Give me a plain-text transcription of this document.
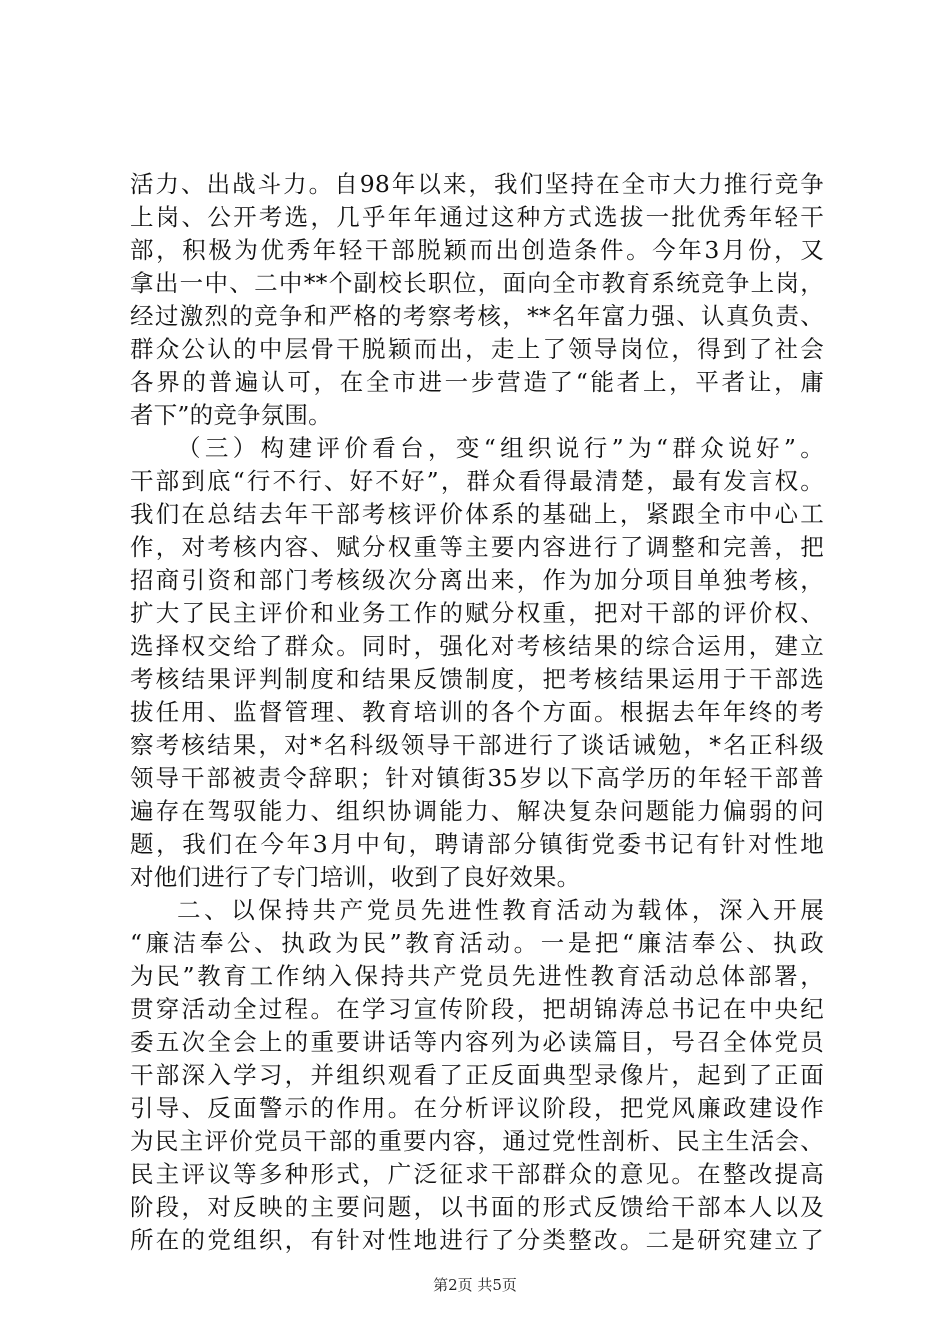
活力、出战斗力。自98年以来，我们坚持在全市大力推行竞争
上岗、公开考选，几乎年年通过这种方式选拔一批优秀年轻干
部，积极为优秀年轻干部脱颖而出创造条件。今年3月份，又
拿出一中、二中**个副校长职位，面向全市教育系统竞争上岗，
经过激烈的竞争和严格的考察考核，**名年富力强、认真负责、
群众公认的中层骨干脱颖而出，走上了领导岗位，得到了社会
各界的普遍认可，在全市进一步营造了“能者上，平者让，庸
者下”的竞争氛围。
（三）构建评价看台，变“组织说行”为“群众说好”。
干部到底“行不行、好不好”，群众看得最清楚，最有发言权。
我们在总结去年干部考核评价体系的基础上，紧跟全市中心工
作，对考核内容、赋分权重等主要内容进行了调整和完善，把
招商引资和部门考核级次分离出来，作为加分项目单独考核，
扩大了民主评价和业务工作的赋分权重，把对干部的评价权、
选择权交给了群众。同时，强化对考核结果的综合运用，建立
考核结果评判制度和结果反馈制度，把考核结果运用于干部选
拔任用、监督管理、教育培训的各个方面。根据去年年终的考
察考核结果，对*名科级领导干部进行了谈话诫勉，*名正科级
领导干部被责令辞职；针对镇街35岁以下高学历的年轻干部普
遍存在驾驭能力、组织协调能力、解决复杂问题能力偏弱的问
题，我们在今年3月中旬，聘请部分镇街党委书记有针对性地
对他们进行了专门培训，收到了良好效果。
二、以保持共产党员先进性教育活动为载体，深入开展
“廉洁奉公、执政为民”教育活动。一是把“廉洁奉公、执政
为民”教育工作纳入保持共产党员先进性教育活动总体部署，
贯穿活动全过程。在学习宣传阶段，把胡锦涛总书记在中央纪
委五次全会上的重要讲话等内容列为必读篇目，号召全体党员
干部深入学习，并组织观看了正反面典型录像片，起到了正面
引导、反面警示的作用。在分析评议阶段，把党风廉政建设作
为民主评价党员干部的重要内容，通过党性剖析、民主生活会、
民主评议等多种形式，广泛征求干部群众的意见。在整改提高
阶段，对反映的主要问题，以书面的形式反馈给干部本人以及
所在的党组织，有针对性地进行了分类整改。二是研究建立了
第2页 共5页
